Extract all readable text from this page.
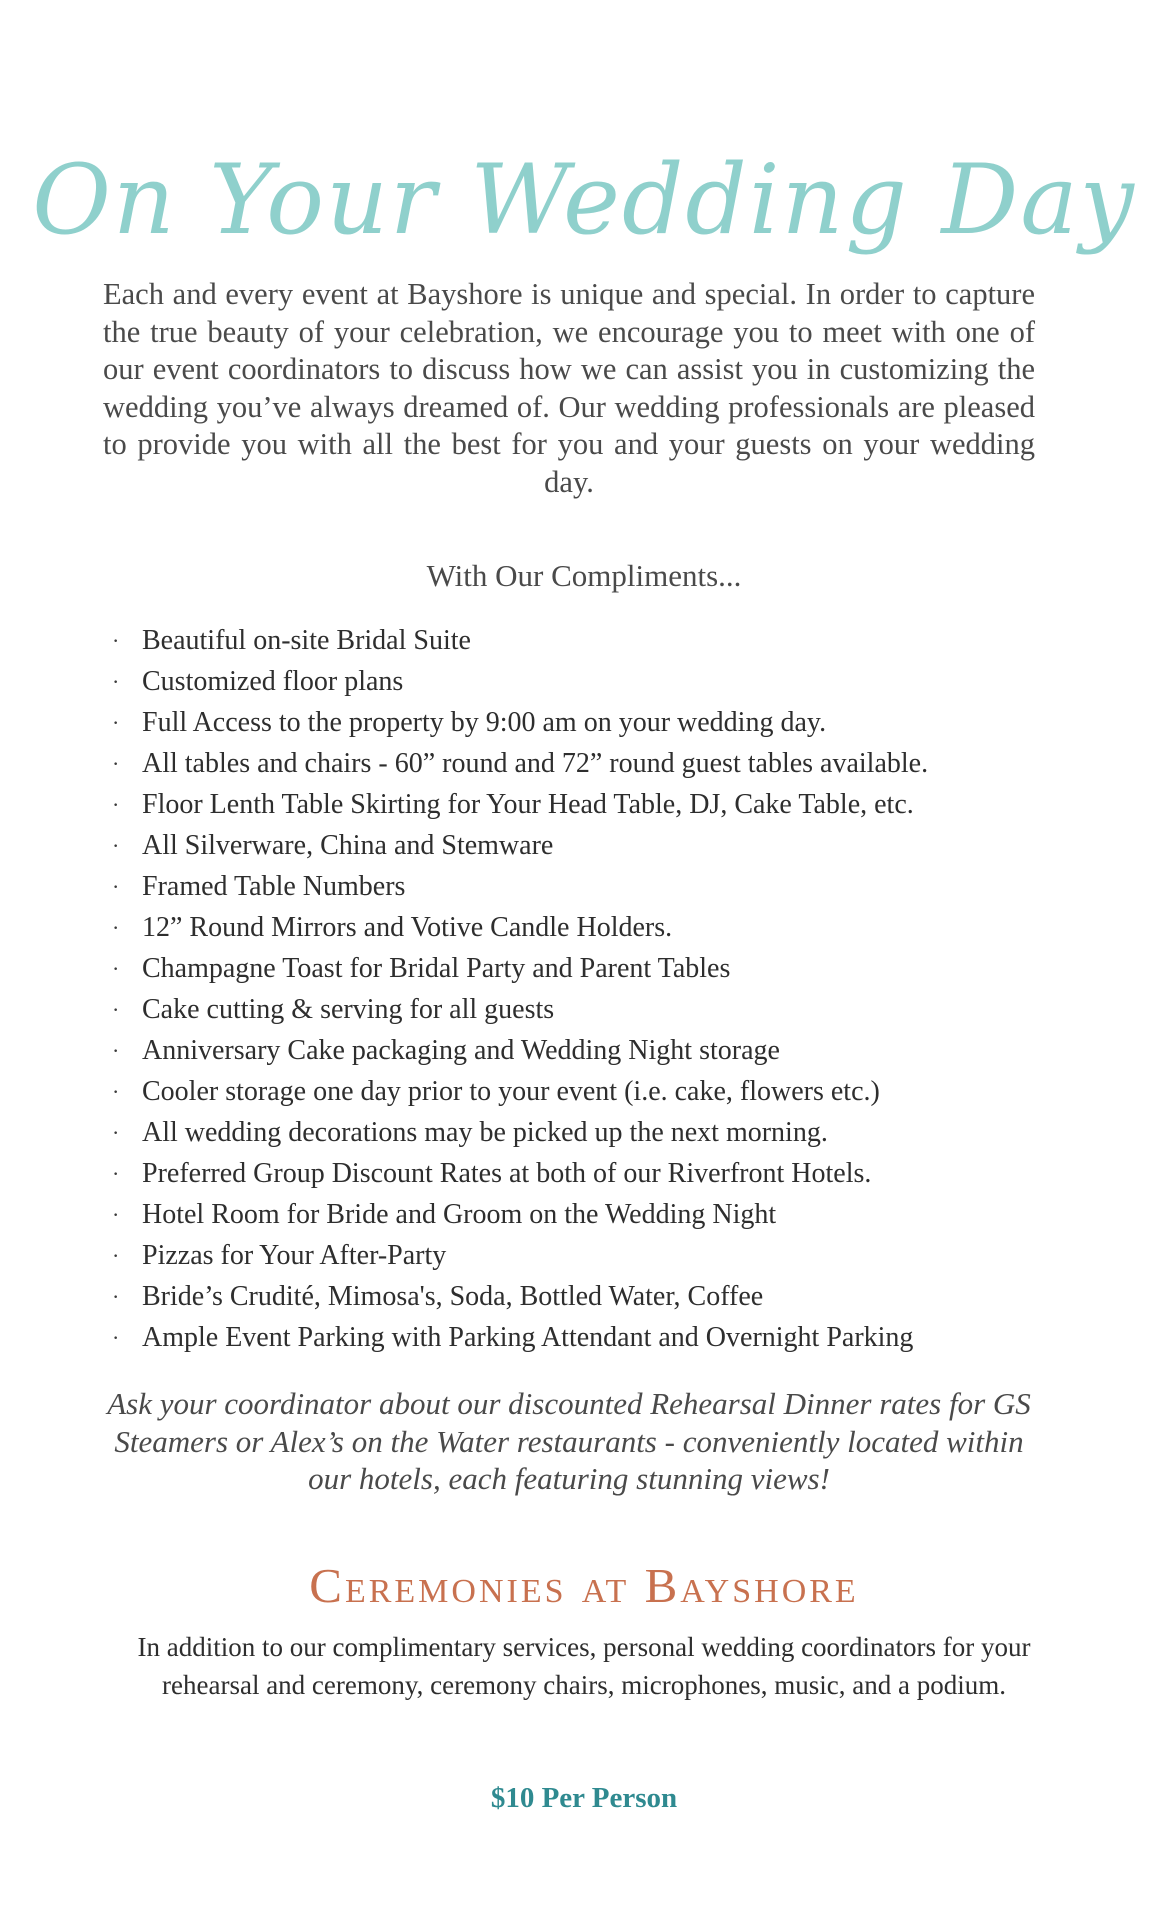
On Your Wedding Day

Each and every event at Bayshore is unique and special. In order to capture the true beauty of your celebration, we encourage you to meet with one of our event coordinators to discuss how we can assist you in customizing the wedding you’ve always dreamed of. Our wedding professionals are pleased to provide you with all the best for you and your guests on your wedding day.

With Our Compliments...
· Beautiful on-site Bridal Suite
· Customized floor plans
· Full Access to the property by 9:00 am on your wedding day.
· All tables and chairs - 60” round and 72” round guest tables available.
· Floor Lenth Table Skirting for Your Head Table, DJ, Cake Table, etc.
· All Silverware, China and Stemware
· Framed Table Numbers
· 12” Round Mirrors and Votive Candle Holders.
· Champagne Toast for Bridal Party and Parent Tables
· Cake cutting & serving for all guests
· Anniversary Cake packaging and Wedding Night storage
· Cooler storage one day prior to your event (i.e. cake, flowers etc.)
· All wedding decorations may be picked up the next morning.
· Preferred Group Discount Rates at both of our Riverfront Hotels.
· Hotel Room for Bride and Groom on the Wedding Night
· Pizzas for Your After-Party
· Bride’s Crudité, Mimosa's, Soda, Bottled Water, Coffee
· Ample Event Parking with Parking Attendant and Overnight Parking

Ask your coordinator about our discounted Rehearsal Dinner rates for GS Steamers or Alex’s on the Water restaurants - conveniently located within our hotels, each featuring stunning views!

Ceremonies at Bayshore

In addition to our complimentary services, personal wedding coordinators for your rehearsal and ceremony, ceremony chairs, microphones, music, and a podium.

$10 Per Person
